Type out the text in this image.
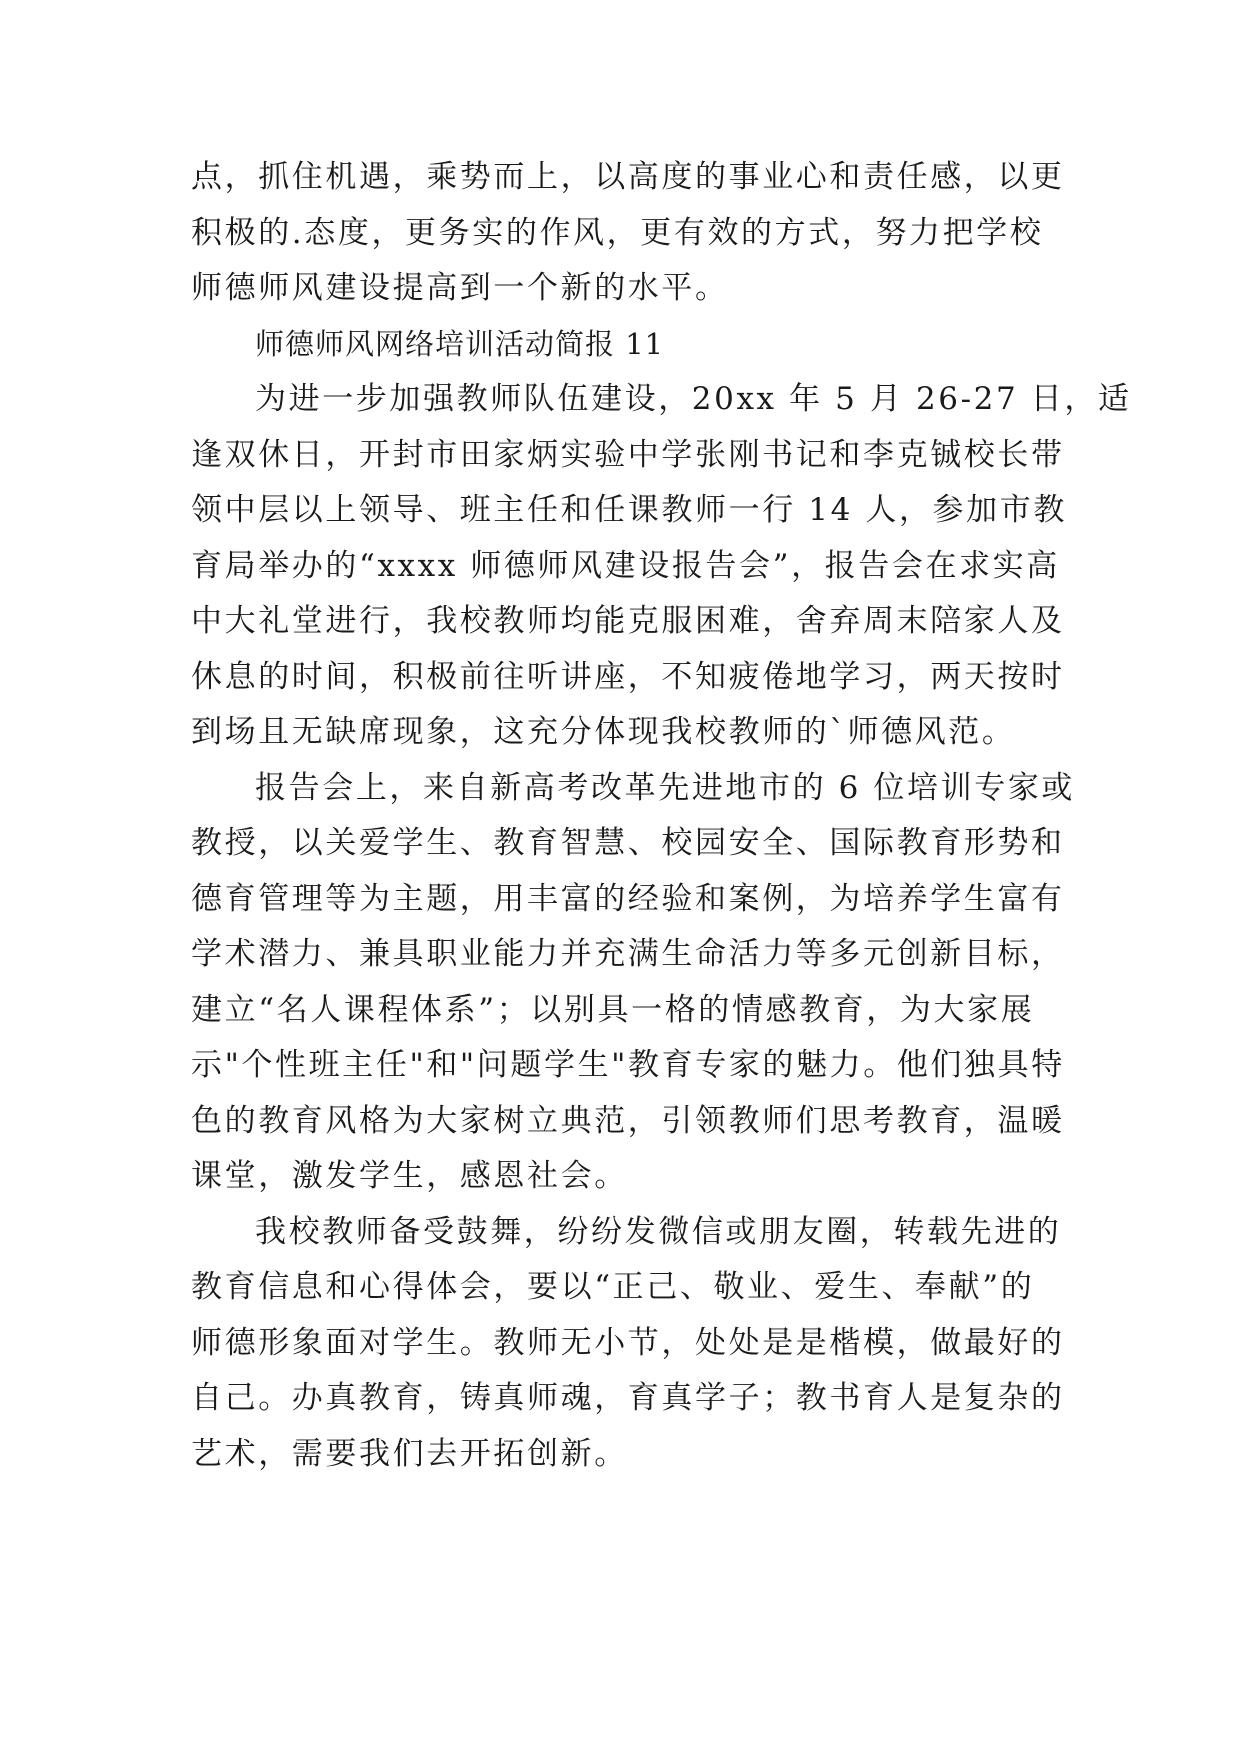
点，抓住机遇，乘势而上，以高度的事业心和责任感，以更
积极的.态度，更务实的作风，更有效的方式，努力把学校
师德师风建设提高到一个新的水平。
师德师风网络培训活动简报 11
为进一步加强教师队伍建设，20xx 年 5 月 26-27 日，适
逢双休日，开封市田家炳实验中学张刚书记和李克铖校长带
领中层以上领导、班主任和任课教师一行 14 人，参加市教
育局举办的“xxxx 师德师风建设报告会”，报告会在求实高
中大礼堂进行，我校教师均能克服困难，舍弃周末陪家人及
休息的时间，积极前往听讲座，不知疲倦地学习，两天按时
到场且无缺席现象，这充分体现我校教师的`师德风范。
报告会上，来自新高考改革先进地市的 6 位培训专家或
教授，以关爱学生、教育智慧、校园安全、国际教育形势和
德育管理等为主题，用丰富的经验和案例，为培养学生富有
学术潜力、兼具职业能力并充满生命活力等多元创新目标，
建立“名人课程体系”；以别具一格的情感教育，为大家展
示"个性班主任"和"问题学生"教育专家的魅力。他们独具特
色的教育风格为大家树立典范，引领教师们思考教育，温暖
课堂，激发学生，感恩社会。
我校教师备受鼓舞，纷纷发微信或朋友圈，转载先进的
教育信息和心得体会，要以“正己、敬业、爱生、奉献”的
师德形象面对学生。教师无小节，处处是是楷模，做最好的
自己。办真教育，铸真师魂，育真学子；教书育人是复杂的
艺术，需要我们去开拓创新。
